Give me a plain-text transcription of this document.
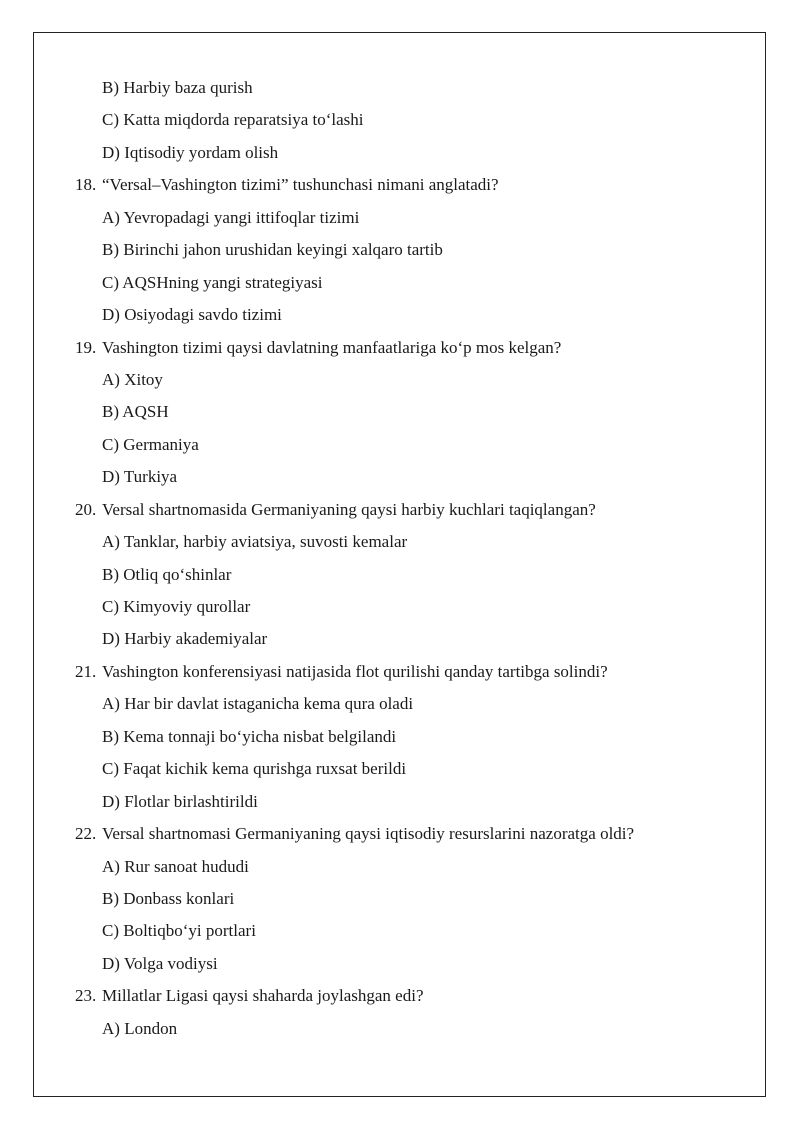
B) Harbiy baza qurish
C) Katta miqdorda reparatsiya toʻlashi
D) Iqtisodiy yordam olish
18. “Versal–Vashington tizimi” tushunchasi nimani anglatadi?
A) Yevropadagi yangi ittifoqlar tizimi
B) Birinchi jahon urushidan keyingi xalqaro tartib
C) AQSHning yangi strategiyasi
D) Osiyodagi savdo tizimi
19. Vashington tizimi qaysi davlatning manfaatlariga koʻp mos kelgan?
A) Xitoy
B) AQSH
C) Germaniya
D) Turkiya
20. Versal shartnomasida Germaniyaning qaysi harbiy kuchlari taqiqlangan?
A) Tanklar, harbiy aviatsiya, suvosti kemalar
B) Otliq qoʻshinlar
C) Kimyoviy qurollar
D) Harbiy akademiyalar
21. Vashington konferensiyasi natijasida flot qurilishi qanday tartibga solindi?
A) Har bir davlat istaganicha kema qura oladi
B) Kema tonnaji boʻyicha nisbat belgilandi
C) Faqat kichik kema qurishga ruxsat berildi
D) Flotlar birlashtirildi
22. Versal shartnomasi Germaniyaning qaysi iqtisodiy resurslarini nazoratga oldi?
A) Rur sanoat hududi
B) Donbass konlari
C) Boltiqboʻyi portlari
D) Volga vodiysi
23. Millatlar Ligasi qaysi shaharda joylashgan edi?
A) London
